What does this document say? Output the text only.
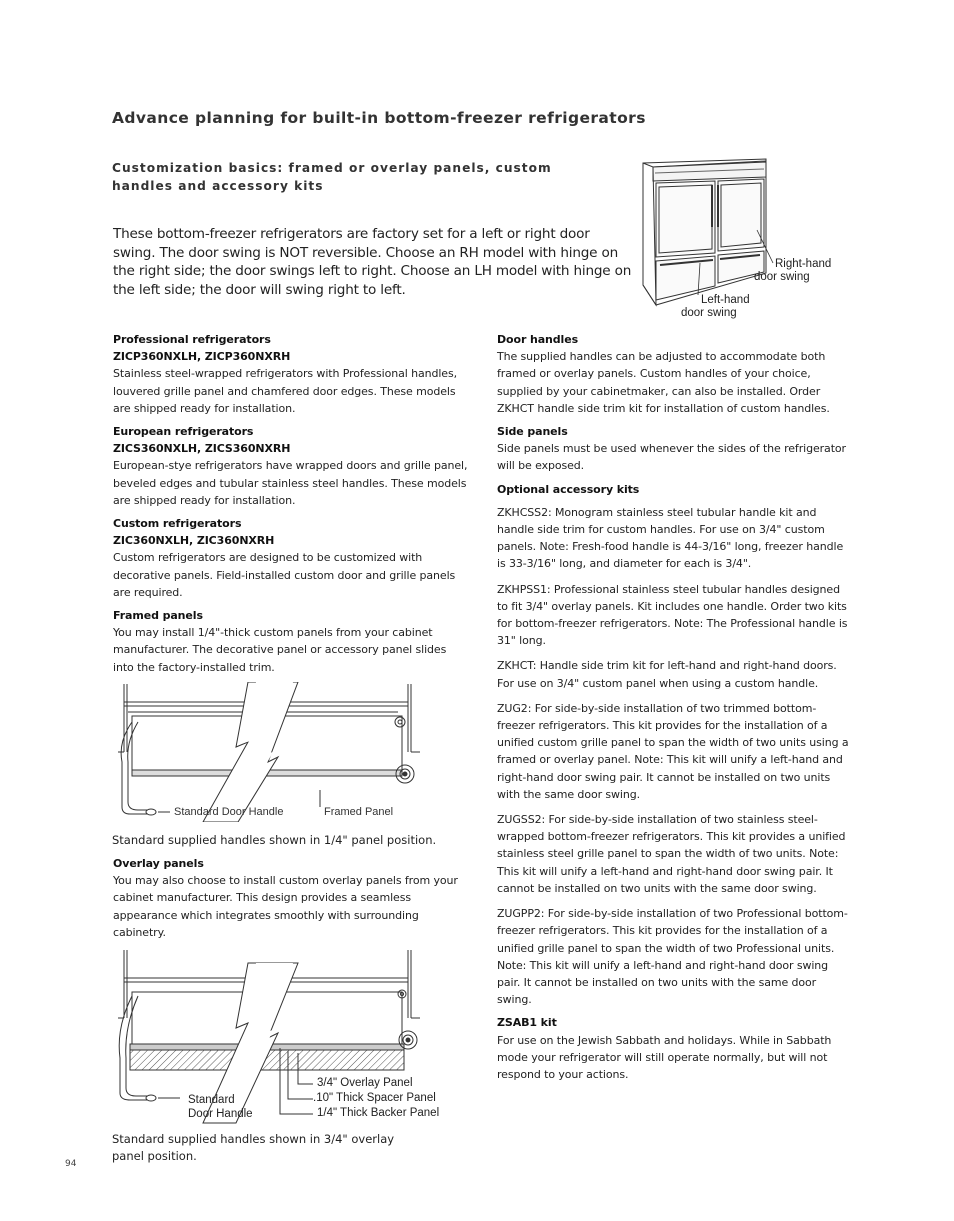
Advance planning for built-in bottom-freezer refrigerators
Customization basics: framed or overlay panels, custom handles and accessory kits
These bottom-freezer refrigerators are factory set for a left or right door swing. The door swing is NOT reversible. Choose an RH model with hinge on the right side; the door swings left to right. Choose an LH model with hinge on the left side; the door will swing right to left.
Right-hand
door swing
Left-hand
door swing

Professional refrigerators

ZICP360NXLH, ZICP360NXRH

Stainless steel-wrapped refrigerators with Professional handles, louvered grille panel and chamfered door edges. These models are shipped ready for installation.

European refrigerators

ZICS360NXLH, ZICS360NXRH

European-stye refrigerators have wrapped doors and grille panel, beveled edges and tubular stainless steel handles. These models are shipped ready for installation.

Custom refrigerators

ZIC360NXLH, ZIC360NXRH

Custom refrigerators are designed to be customized with decorative panels. Field-installed custom door and grille panels are required.

Framed panels

You may install 1/4"-thick custom panels from your cabinet manufacturer. The decorative panel or accessory panel slides into the factory-installed trim.

Standard Door Handle	Framed Panel
Standard supplied handles shown in 1/4" panel position.

Overlay panels

You may also choose to install custom overlay panels from your cabinet manufacturer. This design provides a seamless appearance which integrates smoothly with surrounding cabinetry.

Standard
Door Handle
3/4" Overlay Panel
.10" Thick Spacer Panel
1/4" Thick Backer Panel
Standard supplied handles shown in 3/4" overlay
panel position.
94

Door handles

The supplied handles can be adjusted to accommodate both framed or overlay panels. Custom handles of your choice, supplied by your cabinetmaker, can also be installed. Order ZKHCT handle side trim kit for installation of custom handles.

Side panels

Side panels must be used whenever the sides of the refrigerator will be exposed.

Optional accessory kits

ZKHCSS2: Monogram stainless steel tubular handle kit and handle side trim for custom handles. For use on 3/4" custom panels. Note: Fresh-food handle is 44-3/16" long, freezer handle is 33-3/16" long, and diameter for each is 3/4".

ZKHPSS1: Professional stainless steel tubular handles designed to fit 3/4" overlay panels. Kit includes one handle. Order two kits for bottom-freezer refrigerators. Note: The Professional handle is 31" long.

ZKHCT: Handle side trim kit for left-hand and right-hand doors. For use on 3/4" custom panel when using a custom handle.

ZUG2: For side-by-side installation of two trimmed bottom-freezer refrigerators. This kit provides for the installation of a unified custom grille panel to span the width of two units using a framed or overlay panel. Note: This kit will unify a left-hand and right-hand door swing pair. It cannot be installed on two units with the same door swing.

ZUGSS2: For side-by-side installation of two stainless steel-wrapped bottom-freezer refrigerators. This kit provides a unified stainless steel grille panel to span the width of two units. Note: This kit will unify a left-hand and right-hand door swing pair. It cannot be installed on two units with the same door swing.

ZUGPP2: For side-by-side installation of two Professional bottom-freezer refrigerators. This kit provides for the installation of a unified grille panel to span the width of two Professional units. Note: This kit will unify a left-hand and right-hand door swing pair. It cannot be installed on two units with the same door swing.

ZSAB1 kit

For use on the Jewish Sabbath and holidays. While in Sabbath mode your refrigerator will still operate normally, but will not respond to your actions.
